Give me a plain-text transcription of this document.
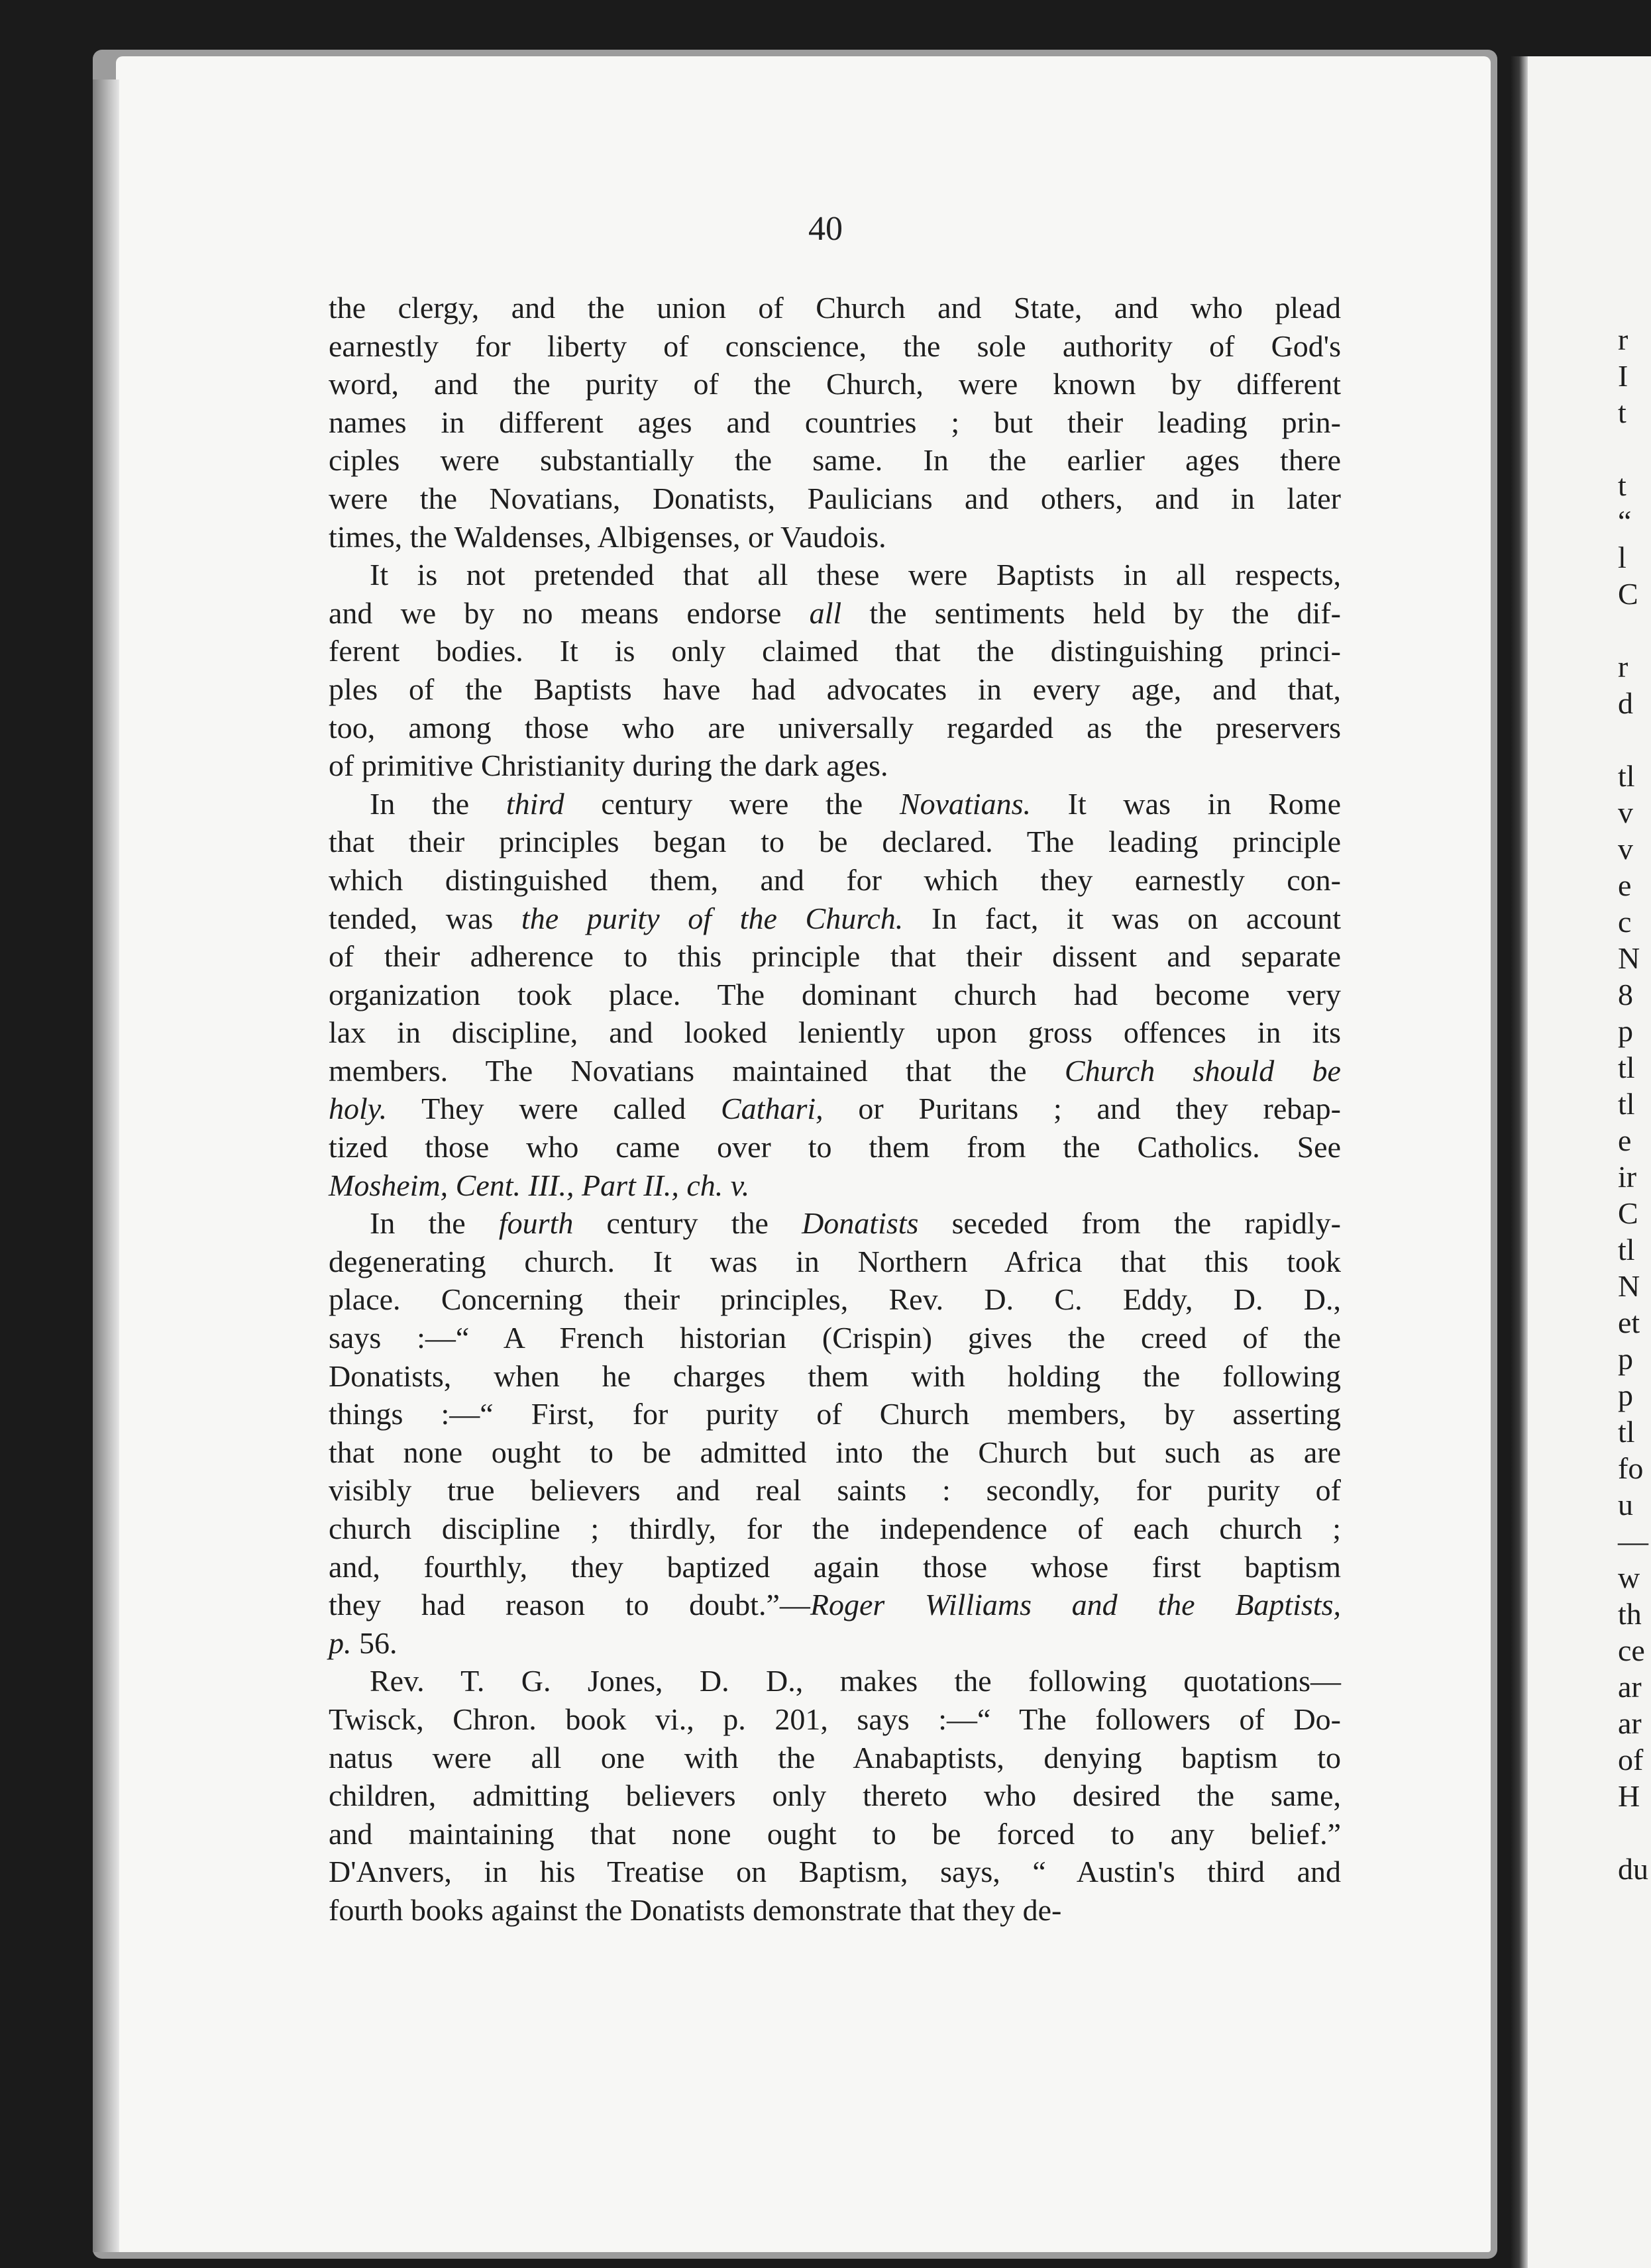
40
the clergy, and the union of Church and State, and who plead
earnestly for liberty of conscience, the sole authority of God's
word, and the purity of the Church, were known by different
names in different ages and countries ; but their leading prin-
ciples were substantially the same. In the earlier ages there
were the Novatians, Donatists, Paulicians and others, and in later
times, the Waldenses, Albigenses, or Vaudois.
It is not pretended that all these were Baptists in all respects,
and we by no means endorse all the sentiments held by the dif-
ferent bodies. It is only claimed that the distinguishing princi-
ples of the Baptists have had advocates in every age, and that,
too, among those who are universally regarded as the preservers
of primitive Christianity during the dark ages.
In the third century were the Novatians. It was in Rome
that their principles began to be declared. The leading principle
which distinguished them, and for which they earnestly con-
tended, was the purity of the Church. In fact, it was on account
of their adherence to this principle that their dissent and separate
organization took place. The dominant church had become very
lax in discipline, and looked leniently upon gross offences in its
members. The Novatians maintained that the Church should be
holy. They were called Cathari, or Puritans ; and they rebap-
tized those who came over to them from the Catholics. See
Mosheim, Cent. III., Part II., ch. v.
In the fourth century the Donatists seceded from the rapidly-
degenerating church. It was in Northern Africa that this took
place. Concerning their principles, Rev. D. C. Eddy, D. D.,
says :—“ A French historian (Crispin) gives the creed of the
Donatists, when he charges them with holding the following
things :—“ First, for purity of Church members, by asserting
that none ought to be admitted into the Church but such as are
visibly true believers and real saints : secondly, for purity of
church discipline ; thirdly, for the independence of each church ;
and, fourthly, they baptized again those whose first baptism
they had reason to doubt.”—Roger Williams and the Baptists,
p. 56.
Rev. T. G. Jones, D. D., makes the following quotations—
Twisck, Chron. book vi., p. 201, says :—“ The followers of Do-
natus were all one with the Anabaptists, denying baptism to
children, admitting believers only thereto who desired the same,
and maintaining that none ought to be forced to any belief.”
D'Anvers, in his Treatise on Baptism, says, “ Austin's third and
fourth books against the Donatists demonstrate that they de-
r
I
t
t
“
l
C
r
d
tl
v
v
e
c
N
8
p
tl
tl
e
ir
C
tl
N
et
p
p
tl
fo
u
—
w
th
ce
ar
ar
of
H
du
